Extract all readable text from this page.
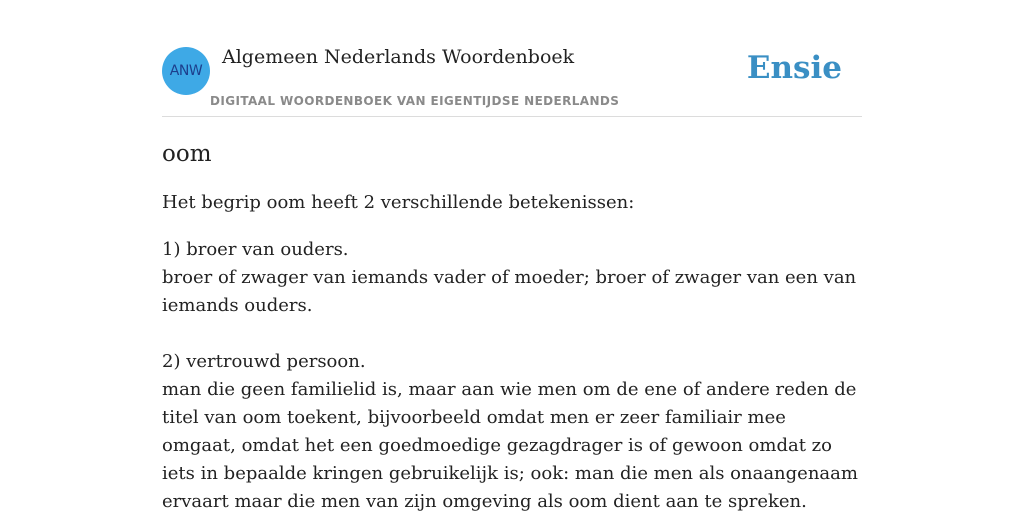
ANW
Algemeen Nederlands Woordenboek
DIGITAAL WOORDENBOEK VAN EIGENTIJDSE NEDERLANDS
Ensie
oom

Het begrip oom heeft 2 verschillende betekenissen:

1) broer van ouders.
broer of zwager van iemands vader of moeder; broer of zwager van een van iemands ouders.
2) vertrouwd persoon.
man die geen familielid is, maar aan wie men om de ene of andere reden de titel van oom toekent, bijvoorbeeld omdat men er zeer familiair mee omgaat, omdat het een goedmoedige gezagdrager is of gewoon omdat zo iets in bepaalde kringen gebruikelijk is; ook: man die men als onaangenaam ervaart maar die men van zijn omgeving als oom dient aan te spreken.
